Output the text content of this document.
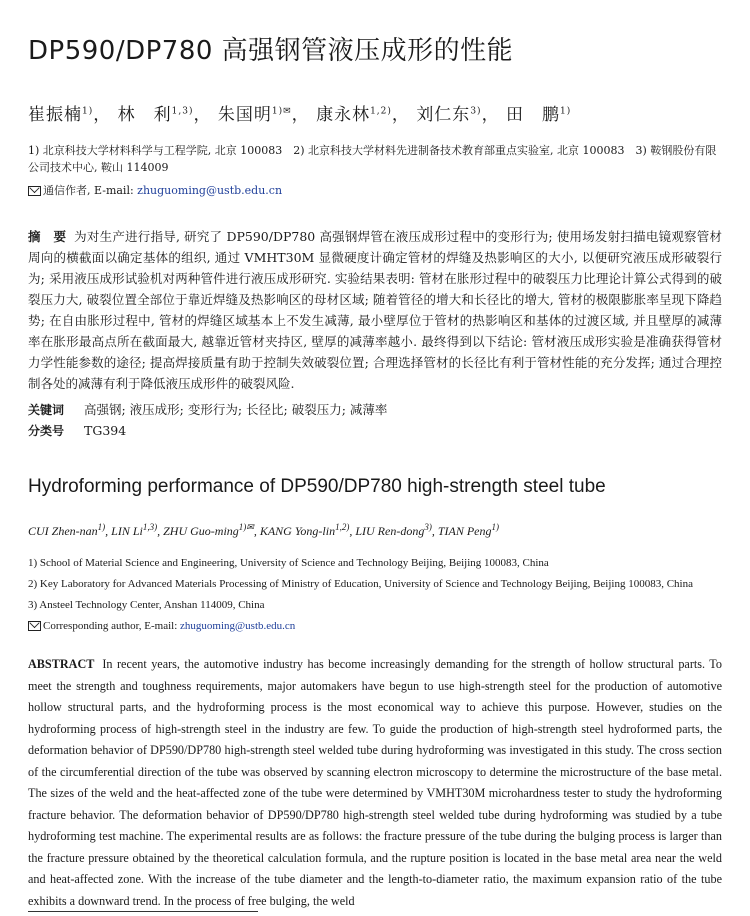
DP590/DP780 高强钢管液压成形的性能
崔振楠$^{1)}$， 林　利$^{1,3)}$， 朱国明$^{1)✉}$， 康永林$^{1,2)}$， 刘仁东$^{3)}$， 田　鹏$^{1)}$
1) 北京科技大学材料科学与工程学院, 北京 100083　2) 北京科技大学材料先进制备技术教育部重点实验室, 北京 100083　3) 鞍钢股份有限公司技术中心, 鞍山 114009
通信作者, E-mail: zhuguoming@ustb.edu.cn
摘　要 为对生产进行指导, 研究了 DP590/DP780 高强钢焊管在液压成形过程中的变形行为; 使用场发射扫描电镜观察管材周向的横截面以确定基体的组织, 通过 VMHT30M 显微硬度计确定管材的焊缝及热影响区的大小, 以便研究液压成形破裂行为; 采用液压成形试验机对两种管件进行液压成形研究. 实验结果表明: 管材在胀形过程中的破裂压力比理论计算公式得到的破裂压力大, 破裂位置全部位于靠近焊缝及热影响区的母材区域; 随着管径的增大和长径比的增大, 管材的极限膨胀率呈现下降趋势; 在自由胀形过程中, 管材的焊缝区域基本上不发生减薄, 最小壁厚位于管材的热影响区和基体的过渡区域, 并且壁厚的减薄率在胀形最高点所在截面最大, 越靠近管材夹持区, 壁厚的减薄率越小. 最终得到以下结论: 管材液压成形实验是准确获得管材力学性能参数的途径; 提高焊接质量有助于控制失效破裂位置; 合理选择管材的长径比有利于管材性能的充分发挥; 通过合理控制各处的减薄有利于降低液压成形件的破裂风险.
关键词 高强钢; 液压成形; 变形行为; 长径比; 破裂压力; 减薄率
分类号 TG394
Hydroforming performance of DP590/DP780 high-strength steel tube
CUI Zhen-nan$^{1)}$, LIN Li$^{1,3)}$, ZHU Guo-ming$^{1)✉}$, KANG Yong-lin$^{1,2)}$, LIU Ren-dong$^{3)}$, TIAN Peng$^{1)}$
1) School of Material Science and Engineering, University of Science and Technology Beijing, Beijing 100083, China
2) Key Laboratory for Advanced Materials Processing of Ministry of Education, University of Science and Technology Beijing, Beijing 100083, China
3) Ansteel Technology Center, Anshan 114009, China
Corresponding author, E-mail: zhuguoming@ustb.edu.cn
ABSTRACT In recent years, the automotive industry has become increasingly demanding for the strength of hollow structural parts. To meet the strength and toughness requirements, major automakers have begun to use high-strength steel for the production of automotive hollow structural parts, and the hydroforming process is the most economical way to achieve this purpose. However, studies on the hydroforming process of high-strength steel in the industry are few. To guide the production of high-strength steel hydroformed parts, the deformation behavior of DP590/DP780 high-strength steel welded tube during hydroforming was investigated in this study. The cross section of the circumferential direction of the tube was observed by scanning electron microscopy to determine the microstructure of the base metal. The sizes of the weld and the heat-affected zone of the tube were determined by VMHT30M microhardness tester to study the hydroforming fracture behavior. The deformation behavior of DP590/DP780 high-strength steel welded tube during hydroforming was studied by a tube hydroforming test machine. The experimental results are as follows: the fracture pressure of the tube during the bulging process is larger than the fracture pressure obtained by the theoretical calculation formula, and the rupture position is located in the base metal area near the weld and heat-affected zone. With the increase of the tube diameter and the length-to-diameter ratio, the maximum expansion ratio of the tube exhibits a downward trend. In the process of free bulging, the weld
